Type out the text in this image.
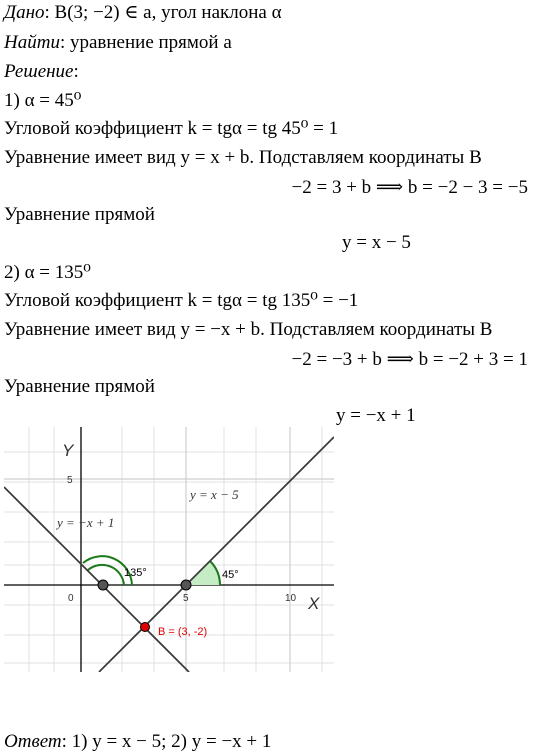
Дано: B(3; −2) ∈ a, угол наклона α
Найти: уравнение прямой a
Решение:
1) α = 45⁰
Угловой коэффициент k = tgα = tg 45⁰ = 1
Уравнение имеет вид y = x + b. Подставляем координаты B
−2 = 3 + b ⟹ b = −2 − 3 = −5
Уравнение прямой
y = x − 5
2) α = 135⁰
Угловой коэффициент k = tgα = tg 135⁰ = −1
Уравнение имеет вид y = −x + b. Подставляем координаты B
−2 = −3 + b ⟹ b = −2 + 3 = 1
Уравнение прямой
y = −x + 1
Y
X
0	5	10
5
y = x − 5
y = −x + 1
45°
135°
B = (3, -2)
Ответ: 1) y = x − 5; 2) y = −x + 1
